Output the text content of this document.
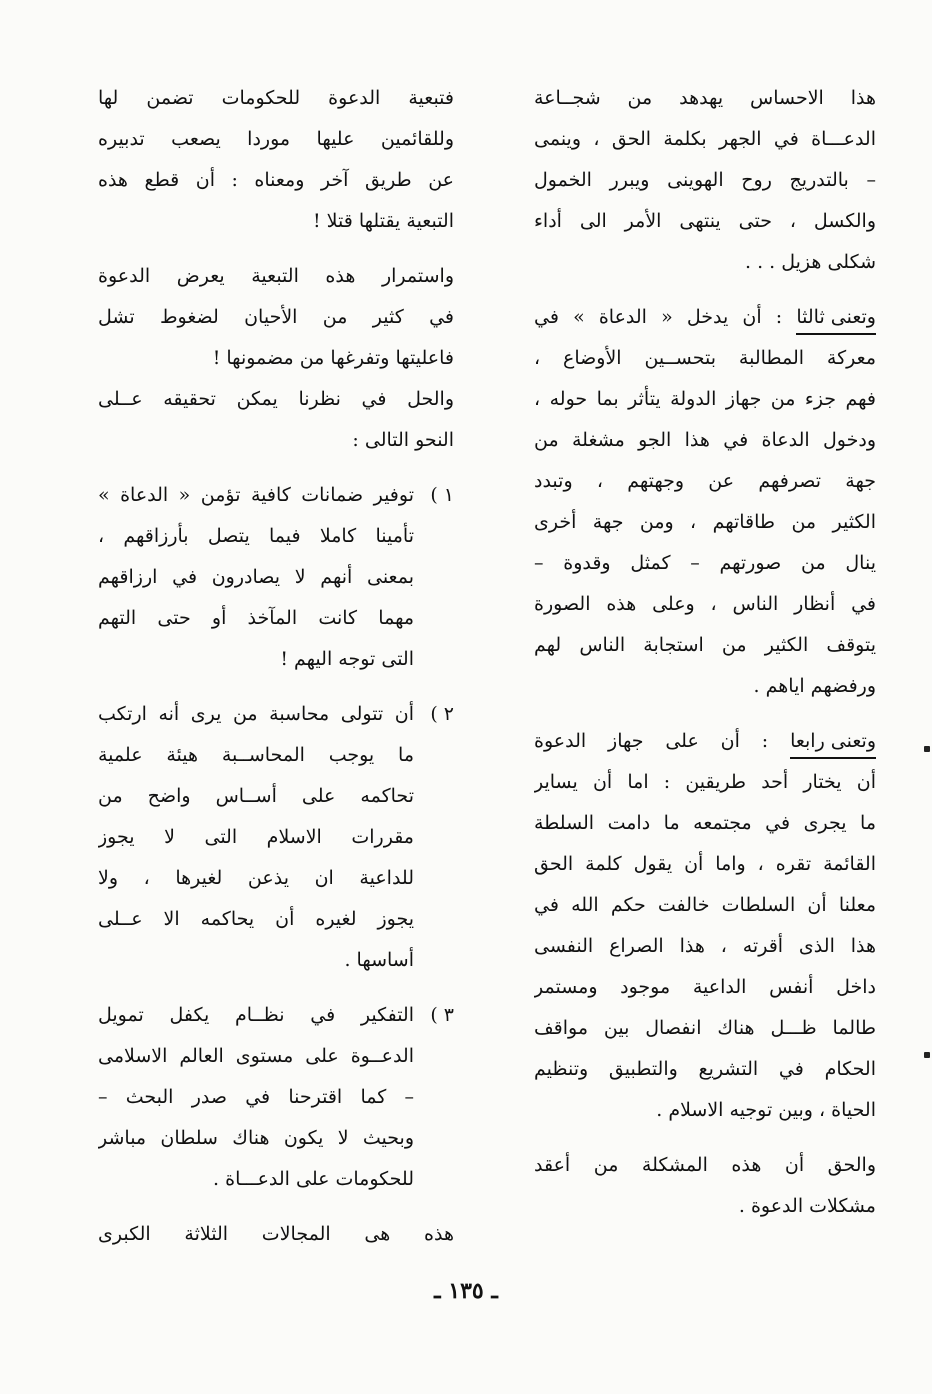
هذا الاحساس يهدهد من شجــاعة
الدعـــاة في الجهر بكلمة الحق ، وينمى
– بالتدريج روح الهوينى ويبرر الخمول
والكسل ، حتى ينتهى الأمر الى أداء
شكلى هزيل . . .
وتعنى ثالثا : أن يدخل « الدعاة » في
معركة المطالبة بتحســين الأوضاع ،
فهم جزء من جهاز الدولة يتأثر بما حوله ،
ودخول الدعاة في هذا الجو مشغلة من
جهة تصرفهم عن وجهتهم ، وتبدد
الكثير من طاقاتهم ، ومن جهة أخرى
ينال من صورتهم – كمثل وقدوة –
في أنظار الناس ، وعلى هذه الصورة
يتوقف الكثير من استجابة الناس لهم
ورفضهم اياهم .
وتعنى رابعا : أن على جهاز الدعوة
أن يختار أحد طريقين : اما أن يساير
ما يجرى في مجتمعه ما دامت السلطة
القائمة تقره ، واما أن يقول كلمة الحق
معلنا أن السلطات خالفت حكم الله في
هذا الذى أقرته ، هذا الصراع النفسى
داخل أنفس الداعية موجود ومستمر
طالما ظـــل هناك انفصال بين مواقف
الحكام في التشريع والتطبيق وتنظيم
الحياة ، وبين توجيه الاسلام .
والحق أن هذه المشكلة من أعقد
مشكلات الدعوة .
فتبعية الدعوة للحكومات تضمن لها
وللقائمين عليها موردا يصعب تدبيره
عن طريق آخر ومعناه : أن قطع هذه
التبعية يقتلها قتلا !
واستمرار هذه التبعية يعرض الدعوة
في كثير من الأحيان لضغوط تشل
فاعليتها وتفرغها من مضمونها !
والحل في نظرنا يمكن تحقيقه عــلى
النحو التالى :
١ )
توفير ضمانات كافية تؤمن « الدعاة »
تأمينا كاملا فيما يتصل بأرزاقهم ،
بمعنى أنهم لا يصادرون في ارزاقهم
مهما كانت المآخذ أو حتى التهم
التى توجه اليهم !
٢ )
أن تتولى محاسبة من يرى أنه ارتكب
ما يوجب المحاســبة هيئة علمية
تحاكمه على أســاس واضح من
مقررات الاسلام التى لا يجوز
للداعية ان يذعن لغيرها ، ولا
يجوز لغيره أن يحاكمه الا عــلى
أساسها .
٣ )
التفكير في نظــام يكفل تمويل
الدعــوة على مستوى العالم الاسلامى
– كما اقترحنا في صدر البحث –
وبحيث لا يكون هناك سلطان مباشر
للحكومات على الدعـــاة .
هذه هى المجالات الثلاثة الكبرى
ـ ١٣٥ ـ
